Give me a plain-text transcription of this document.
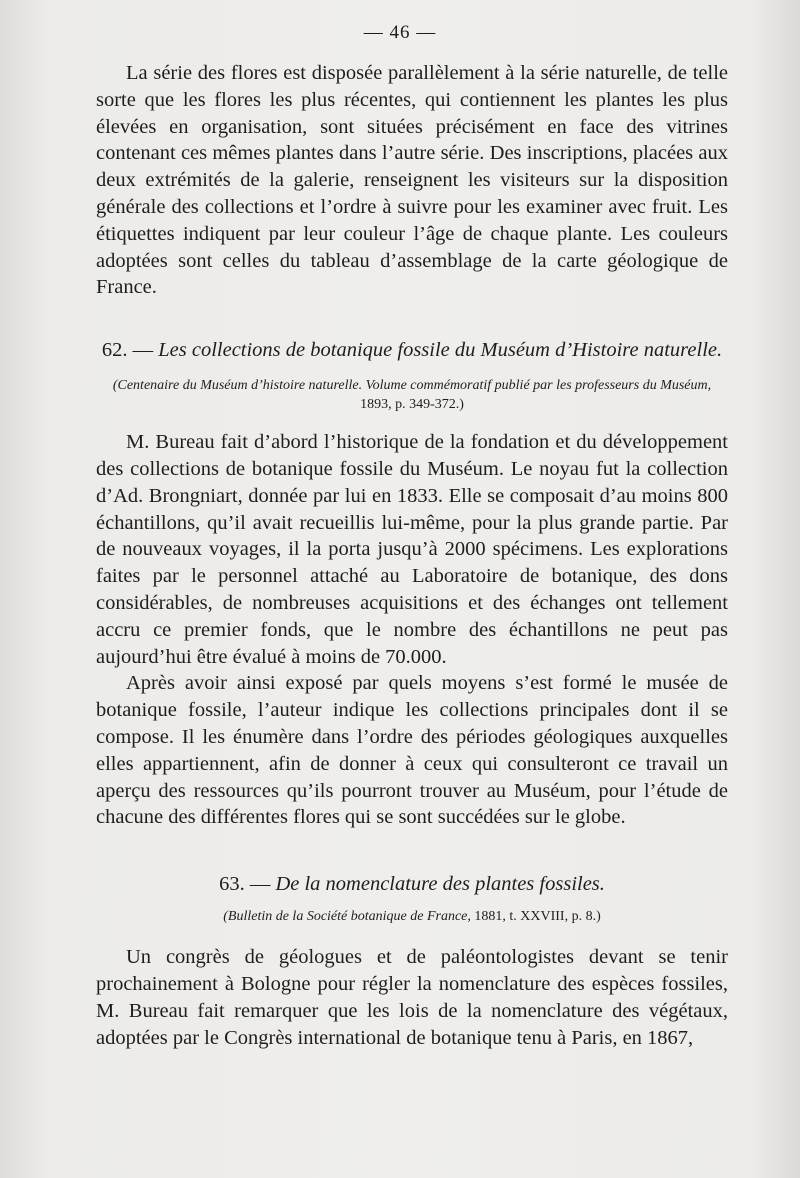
— 46 —

La série des flores est disposée parallèlement à la série naturelle, de telle sorte que les flores les plus récentes, qui contiennent les plantes les plus élevées en organisation, sont situées précisément en face des vitrines contenant ces mêmes plantes dans l’autre série. Des inscriptions, placées aux deux extrémités de la galerie, renseignent les visiteurs sur la disposition générale des collections et l’ordre à suivre pour les examiner avec fruit. Les étiquettes indiquent par leur couleur l’âge de chaque plante. Les couleurs adoptées sont celles du tableau d’assemblage de la carte géologique de France.

62. — Les collections de botanique fossile du Muséum d’Histoire naturelle.
(Centenaire du Muséum d’histoire naturelle. Volume commémoratif publié par les professeurs du Muséum, 1893, p. 349-372.)

M. Bureau fait d’abord l’historique de la fondation et du développement des collections de botanique fossile du Muséum. Le noyau fut la collection d’Ad. Brongniart, donnée par lui en 1833. Elle se composait d’au moins 800 échantillons, qu’il avait recueillis lui-même, pour la plus grande partie. Par de nouveaux voyages, il la porta jusqu’à 2000 spécimens. Les explorations faites par le personnel attaché au Laboratoire de botanique, des dons considérables, de nombreuses acquisitions et des échanges ont tellement accru ce premier fonds, que le nombre des échantillons ne peut pas aujourd’hui être évalué à moins de 70.000.

Après avoir ainsi exposé par quels moyens s’est formé le musée de botanique fossile, l’auteur indique les collections principales dont il se compose. Il les énumère dans l’ordre des périodes géologiques auxquelles elles appartiennent, afin de donner à ceux qui consulteront ce travail un aperçu des ressources qu’ils pourront trouver au Muséum, pour l’étude de chacune des différentes flores qui se sont succédées sur le globe.

63. — De la nomenclature des plantes fossiles.
(Bulletin de la Société botanique de France, 1881, t. XXVIII, p. 8.)

Un congrès de géologues et de paléontologistes devant se tenir prochainement à Bologne pour régler la nomenclature des espèces fossiles, M. Bureau fait remarquer que les lois de la nomenclature des végétaux, adoptées par le Congrès international de botanique tenu à Paris, en 1867,
